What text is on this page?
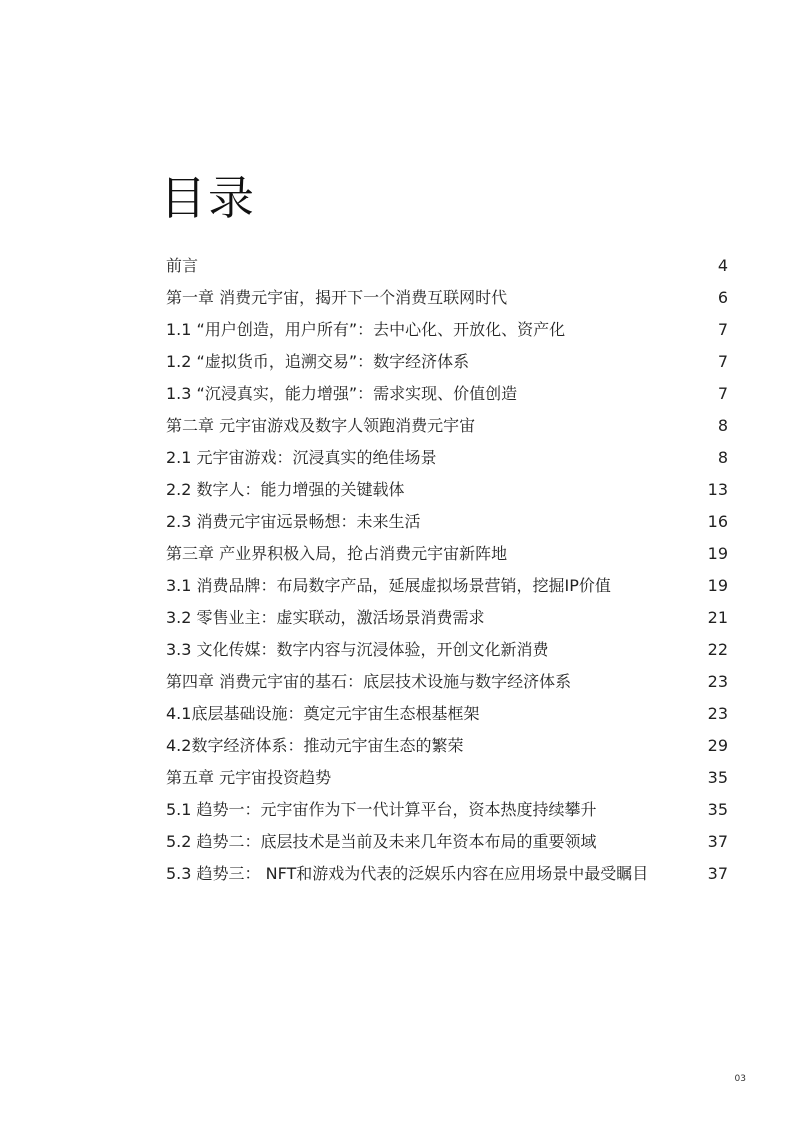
目录
前言	4
第一章 消费元宇宙，揭开下一个消费互联网时代	6
1.1 “用户创造，用户所有”：去中心化、开放化、资产化	7
1.2 “虚拟货币，追溯交易”：数字经济体系	7
1.3 “沉浸真实，能力增强”：需求实现、价值创造	7
第二章 元宇宙游戏及数字人领跑消费元宇宙	8
2.1 元宇宙游戏：沉浸真实的绝佳场景	8
2.2 数字人：能力增强的关键载体	13
2.3 消费元宇宙远景畅想：未来生活	16
第三章 产业界积极入局，抢占消费元宇宙新阵地	19
3.1 消费品牌：布局数字产品，延展虚拟场景营销，挖掘IP价值	19
3.2 零售业主：虚实联动，激活场景消费需求	21
3.3 文化传媒：数字内容与沉浸体验，开创文化新消费	22
第四章 消费元宇宙的基石：底层技术设施与数字经济体系	23
4.1底层基础设施：奠定元宇宙生态根基框架	23
4.2数字经济体系：推动元宇宙生态的繁荣	29
第五章 元宇宙投资趋势	35
5.1 趋势一：元宇宙作为下一代计算平台，资本热度持续攀升	35
5.2 趋势二：底层技术是当前及未来几年资本布局的重要领域	37
5.3 趋势三： NFT和游戏为代表的泛娱乐内容在应用场景中最受瞩目	37
03
